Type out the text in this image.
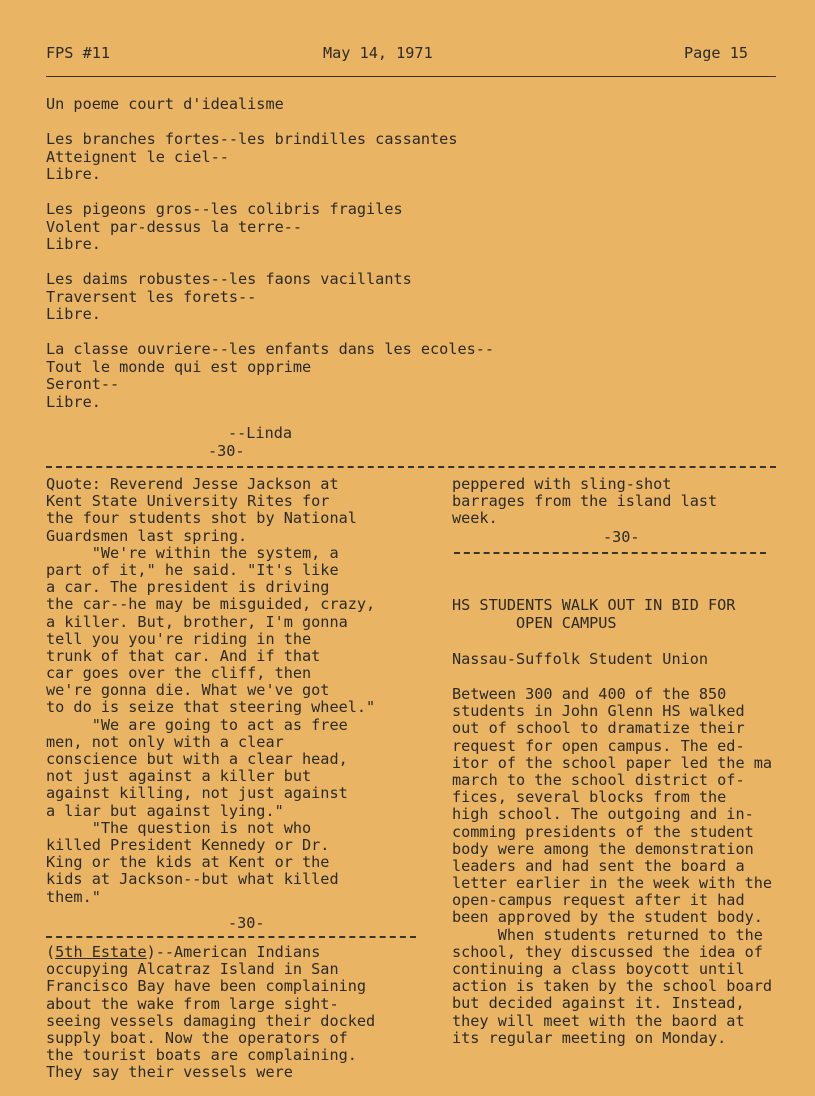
FPS #11	May 14, 1971	Page 15
Un poeme court d'idealisme
Les branches fortes--les brindilles cassantes
Atteignent le ciel--
Libre.
Les pigeons gros--les colibris fragiles
Volent par-dessus la terre--
Libre.
Les daims robustes--les faons vacillants
Traversent les forets--
Libre.
La classe ouvriere--les enfants dans les ecoles--
Tout le monde qui est opprime
Seront--
Libre.
--Linda
-30-
Quote: Reverend Jesse Jackson at
Kent State University Rites for
the four students shot by National
Guardsmen last spring.
"We're within the system, a
part of it," he said. "It's like
a car. The president is driving
the car--he may be misguided, crazy,
a killer. But, brother, I'm gonna
tell you you're riding in the
trunk of that car. And if that
car goes over the cliff, then
we're gonna die. What we've got
to do is seize that steering wheel."
"We are going to act as free
men, not only with a clear
conscience but with a clear head,
not just against a killer but
against killing, not just against
a liar but against lying."
"The question is not who
killed President Kennedy or Dr.
King or the kids at Kent or the
kids at Jackson--but what killed
them."
-30-
(5th Estate)--American Indians
occupying Alcatraz Island in San
Francisco Bay have been complaining
about the wake from large sight-
seeing vessels damaging their docked
supply boat. Now the operators of
the tourist boats are complaining.
They say their vessels were
peppered with sling-shot
barrages from the island last
week.
-30-
HS STUDENTS WALK OUT IN BID FOR
OPEN CAMPUS
Nassau-Suffolk Student Union
Between 300 and 400 of the 850
students in John Glenn HS walked
out of school to dramatize their
request for open campus. The ed-
itor of the school paper led the ma
march to the school district of-
fices, several blocks from the
high school. The outgoing and in-
comming presidents of the student
body were among the demonstration
leaders and had sent the board a
letter earlier in the week with the
open-campus request after it had
been approved by the student body.
When students returned to the
school, they discussed the idea of
continuing a class boycott until
action is taken by the school board
but decided against it. Instead,
they will meet with the baord at
its regular meeting on Monday.
